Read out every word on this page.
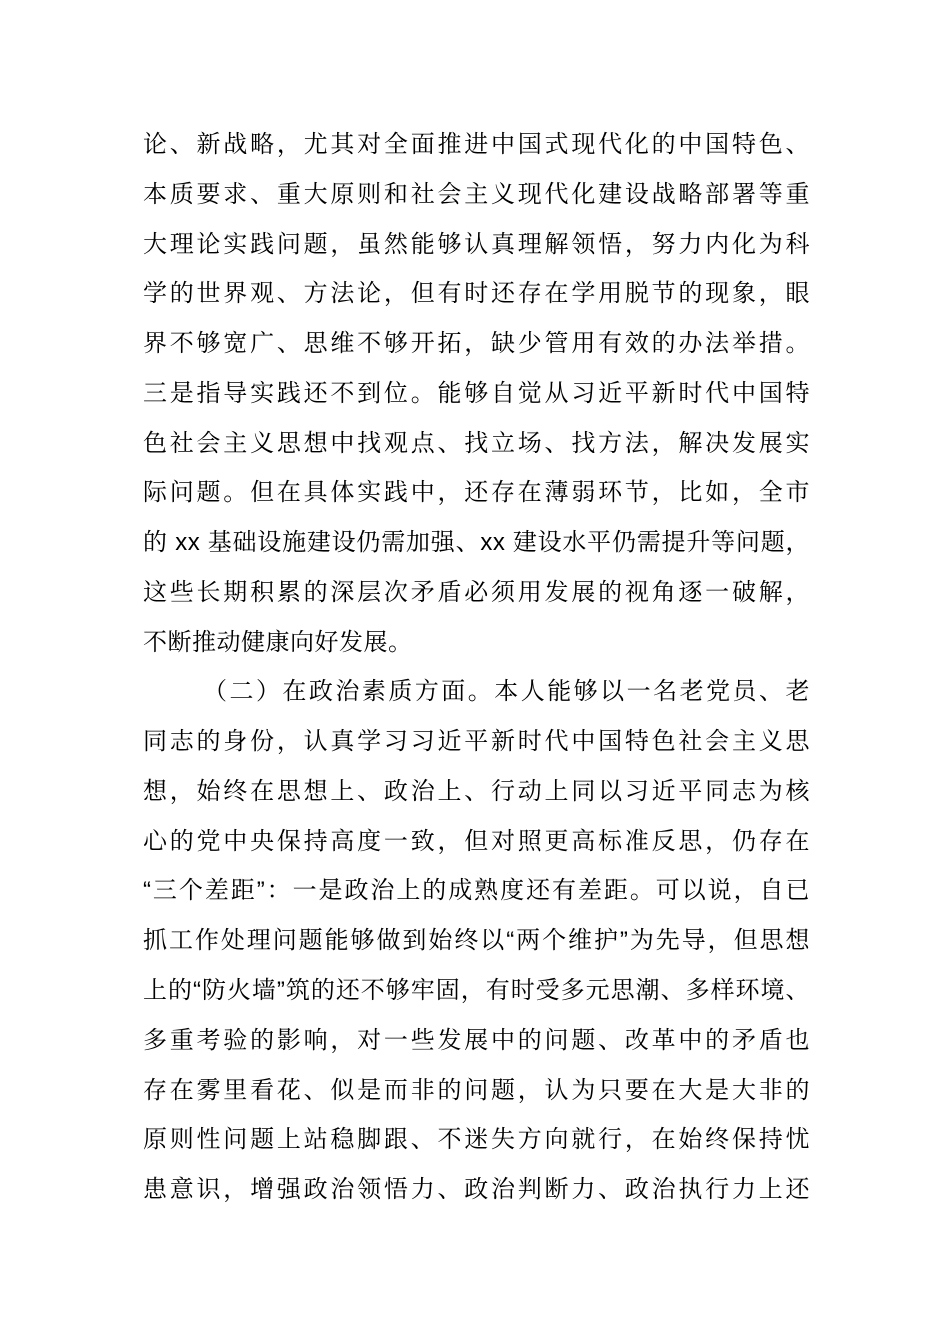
论、新战略，尤其对全面推进中国式现代化的中国特色、
本质要求、重大原则和社会主义现代化建设战略部署等重
大理论实践问题，虽然能够认真理解领悟，努力内化为科
学的世界观、方法论，但有时还存在学用脱节的现象，眼
界不够宽广、思维不够开拓，缺少管用有效的办法举措。
三是指导实践还不到位。能够自觉从习近平新时代中国特
色社会主义思想中找观点、找立场、找方法，解决发展实
际问题。但在具体实践中，还存在薄弱环节，比如，全市
的 xx 基础设施建设仍需加强、xx 建设水平仍需提升等问题，
这些长期积累的深层次矛盾必须用发展的视角逐一破解，
不断推动健康向好发展。
（二）在政治素质方面。本人能够以一名老党员、老
同志的身份，认真学习习近平新时代中国特色社会主义思
想，始终在思想上、政治上、行动上同以习近平同志为核
心的党中央保持高度一致，但对照更高标准反思，仍存在
“三个差距”：一是政治上的成熟度还有差距。可以说，自已
抓工作处理问题能够做到始终以“两个维护”为先导，但思想
上的“防火墙”筑的还不够牢固，有时受多元思潮、多样环境、
多重考验的影响，对一些发展中的问题、改革中的矛盾也
存在雾里看花、似是而非的问题，认为只要在大是大非的
原则性问题上站稳脚跟、不迷失方向就行，在始终保持忧
患意识，增强政治领悟力、政治判断力、政治执行力上还
